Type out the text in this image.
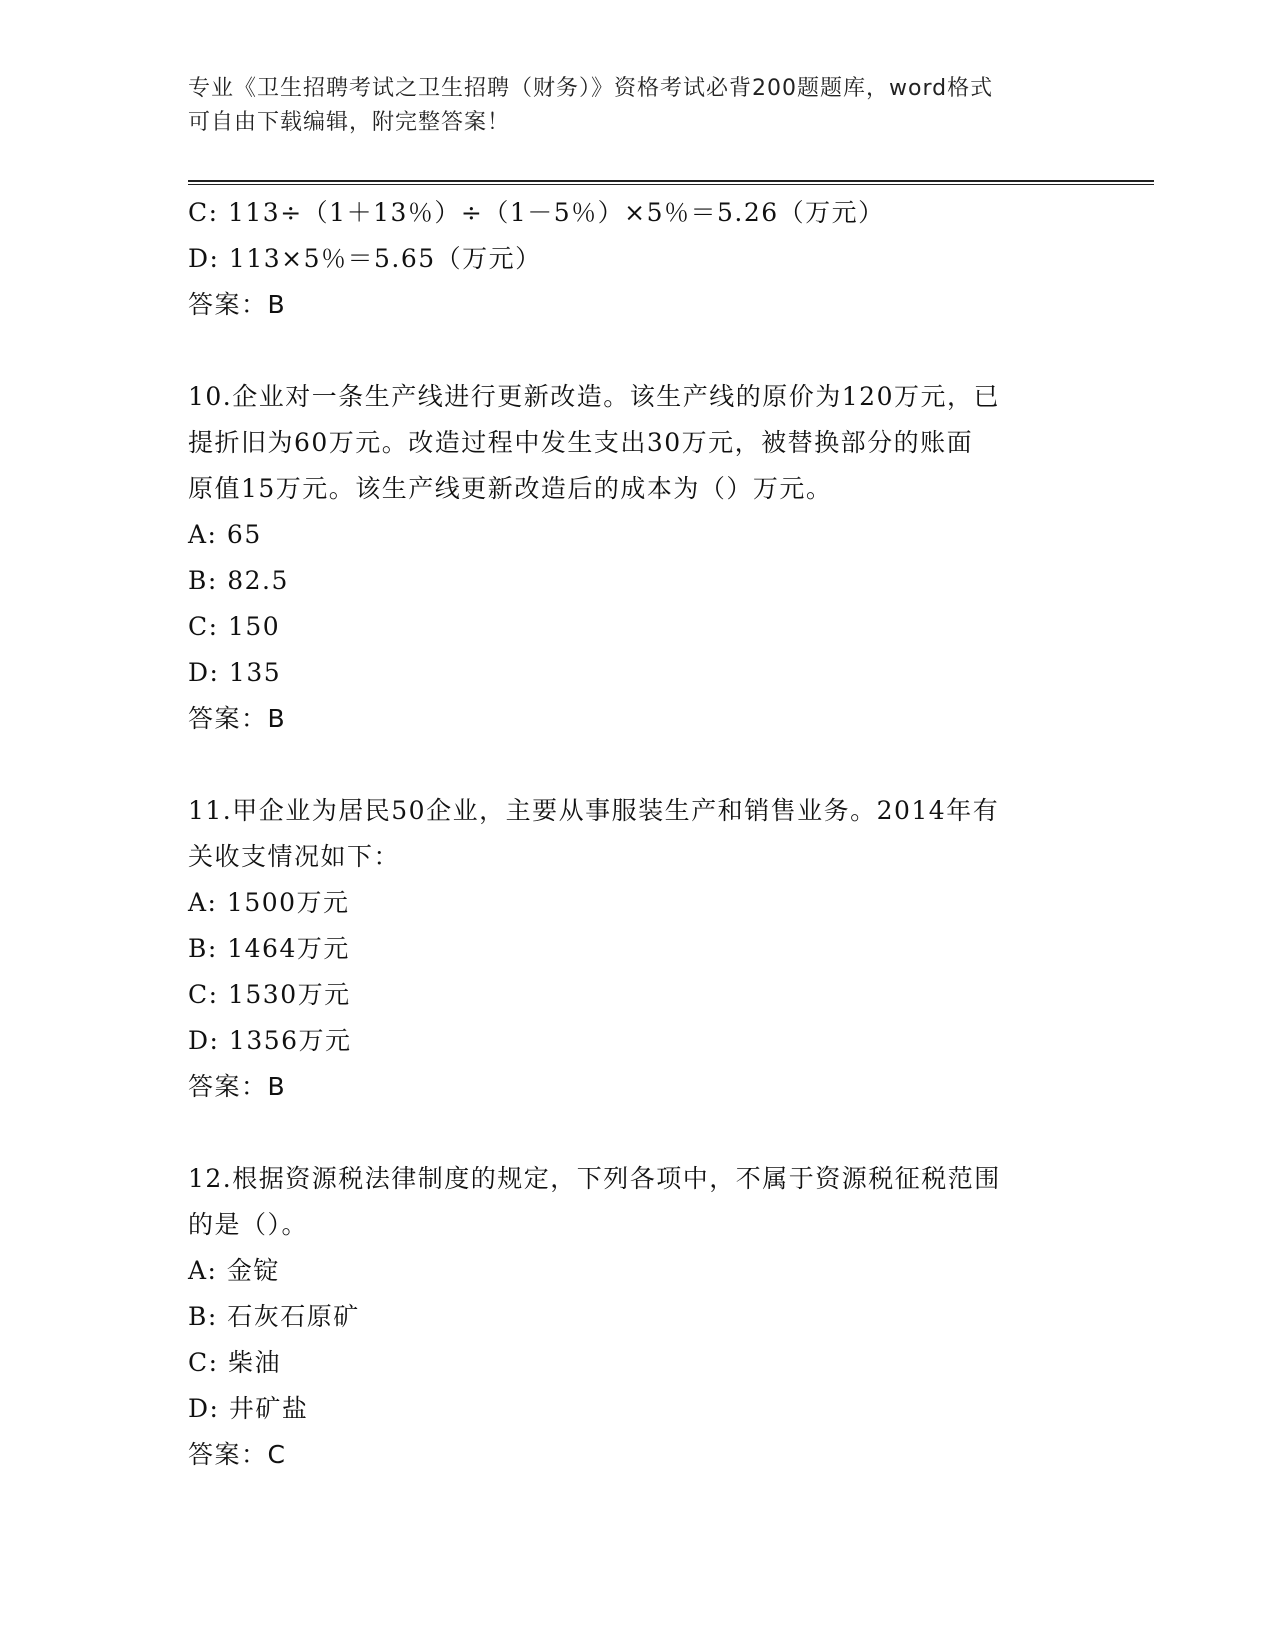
专业《卫生招聘考试之卫生招聘（财务）》资格考试必背200题题库，word格式
可自由下载编辑，附完整答案！
C: 113÷（1＋13％）÷（1－5％）×5％＝5.26（万元）
D: 113×5％＝5.65（万元）
答案：B
10.企业对一条生产线进行更新改造。该生产线的原价为120万元，已
提折旧为60万元。改造过程中发生支出30万元，被替换部分的账面
原值15万元。该生产线更新改造后的成本为（）万元。
A: 65
B: 82.5
C: 150
D: 135
答案：B
11.甲企业为居民50企业，主要从事服装生产和销售业务。2014年有
关收支情况如下：
A: 1500万元
B: 1464万元
C: 1530万元
D: 1356万元
答案：B
12.根据资源税法律制度的规定，下列各项中，不属于资源税征税范围
的是（）。
A: 金锭
B: 石灰石原矿
C: 柴油
D: 井矿盐
答案：C
